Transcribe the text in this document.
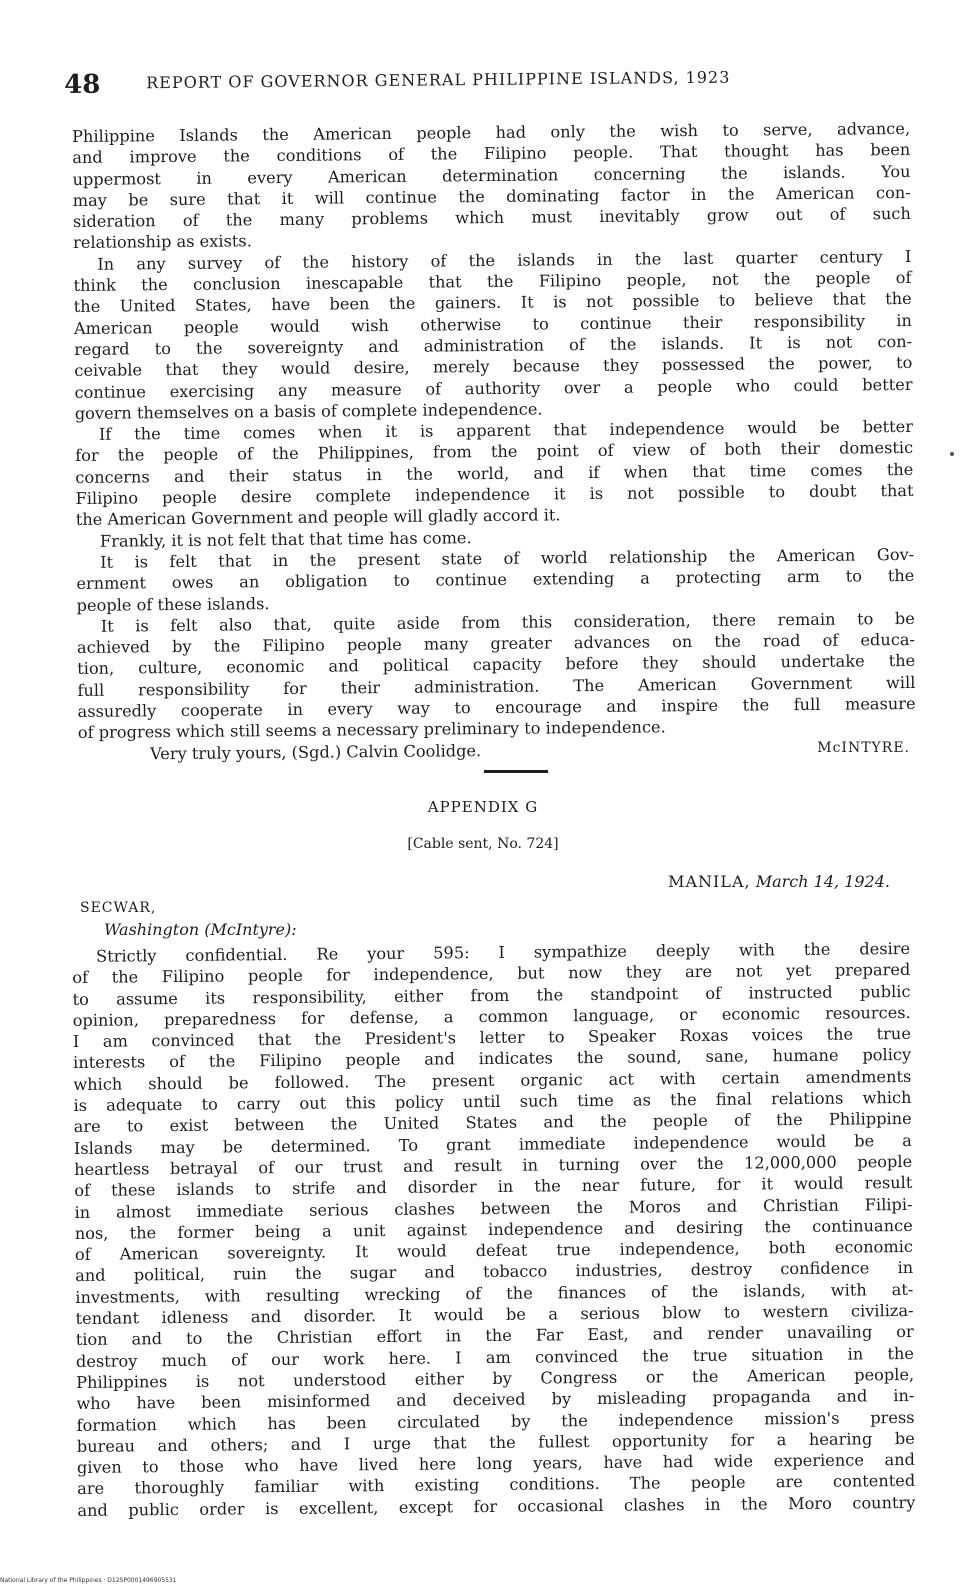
48	REPORT OF GOVERNOR GENERAL PHILIPPINE ISLANDS, 1923
Philippine Islands the American people had only the wish to serve, advance,
and improve the conditions of the Filipino people. That thought has been
uppermost in every American determination concerning the islands. You
may be sure that it will continue the dominating factor in the American con-
sideration of the many problems which must inevitably grow out of such
relationship as exists.
In any survey of the history of the islands in the last quarter century I
think the conclusion inescapable that the Filipino people, not the people of
the United States, have been the gainers. It is not possible to believe that the
American people would wish otherwise to continue their responsibility in
regard to the sovereignty and administration of the islands. It is not con-
ceivable that they would desire, merely because they possessed the power, to
continue exercising any measure of authority over a people who could better
govern themselves on a basis of complete independence.
If the time comes when it is apparent that independence would be better
for the people of the Philippines, from the point of view of both their domestic
concerns and their status in the world, and if when that time comes the
Filipino people desire complete independence it is not possible to doubt that
the American Government and people will gladly accord it.
Frankly, it is not felt that that time has come.
It is felt that in the present state of world relationship the American Gov-
ernment owes an obligation to continue extending a protecting arm to the
people of these islands.
It is felt also that, quite aside from this consideration, there remain to be
achieved by the Filipino people many greater advances on the road of educa-
tion, culture, economic and political capacity before they should undertake the
full responsibility for their administration. The American Government will
assuredly cooperate in every way to encourage and inspire the full measure
of progress which still seems a necessary preliminary to independence.
Very truly yours, (Sgd.) Calvin Coolidge.	McINTYRE.
APPENDIX G
[Cable sent, No. 724]
MANILA, March 14, 1924.
SECWAR,
Washington (McIntyre):
Strictly confidential. Re your 595: I sympathize deeply with the desire
of the Filipino people for independence, but now they are not yet prepared
to assume its responsibility, either from the standpoint of instructed public
opinion, preparedness for defense, a common language, or economic resources.
I am convinced that the President's letter to Speaker Roxas voices the true
interests of the Filipino people and indicates the sound, sane, humane policy
which should be followed. The present organic act with certain amendments
is adequate to carry out this policy until such time as the final relations which
are to exist between the United States and the people of the Philippine
Islands may be determined. To grant immediate independence would be a
heartless betrayal of our trust and result in turning over the 12,000,000 people
of these islands to strife and disorder in the near future, for it would result
in almost immediate serious clashes between the Moros and Christian Filipi-
nos, the former being a unit against independence and desiring the continuance
of American sovereignty. It would defeat true independence, both economic
and political, ruin the sugar and tobacco industries, destroy confidence in
investments, with resulting wrecking of the finances of the islands, with at-
tendant idleness and disorder. It would be a serious blow to western civiliza-
tion and to the Christian effort in the Far East, and render unavailing or
destroy much of our work here. I am convinced the true situation in the
Philippines is not understood either by Congress or the American people,
who have been misinformed and deceived by misleading propaganda and in-
formation which has been circulated by the independence mission's press
bureau and others; and I urge that the fullest opportunity for a hearing be
given to those who have lived here long years, have had wide experience and
are thoroughly familiar with existing conditions. The people are contented
and public order is excellent, except for occasional clashes in the Moro country
National Library of the Philippines · D12SP0001496905531
